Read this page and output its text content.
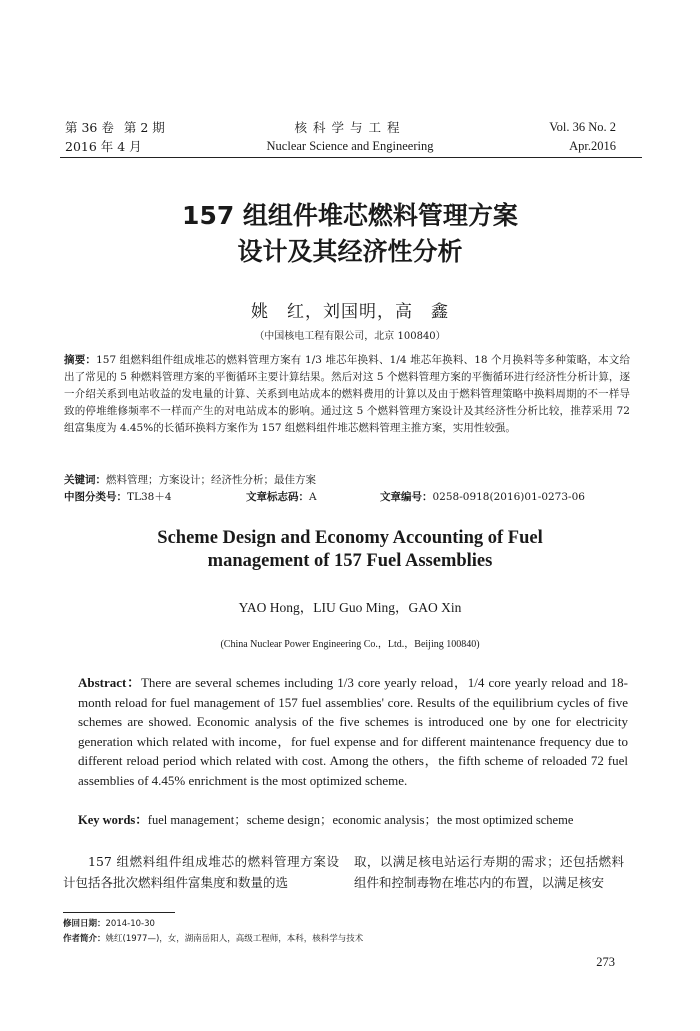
第 36 卷 第 2 期
2016 年 4 月
核科学与工程
Nuclear Science and Engineering
Vol. 36 No. 2
Apr.2016
157 组组件堆芯燃料管理方案
设计及其经济性分析
姚　红，刘国明，高　鑫
（中国核电工程有限公司，北京 100840）
摘要：157 组燃料组件组成堆芯的燃料管理方案有 1/3 堆芯年换料、1/4 堆芯年换料、18 个月换料等多种策略，本文给出了常见的 5 种燃料管理方案的平衡循环主要计算结果。然后对这 5 个燃料管理方案的平衡循环进行经济性分析计算，逐一介绍关系到电站收益的发电量的计算、关系到电站成本的燃料费用的计算以及由于燃料管理策略中换料周期的不一样导致的停堆维修频率不一样而产生的对电站成本的影响。通过这 5 个燃料管理方案设计及其经济性分析比较，推荐采用 72 组富集度为 4.45%的长循环换料方案作为 157 组燃料组件堆芯燃料管理主推方案，实用性较强。
关键词：燃料管理；方案设计；经济性分析；最佳方案
中图分类号：TL38＋4	文章标志码：A	文章编号：0258-0918(2016)01-0273-06
Scheme Design and Economy Accounting of Fuel
management of 157 Fuel Assemblies
YAO Hong，LIU Guo Ming，GAO Xin
(China Nuclear Power Engineering Co.，Ltd.，Beijing 100840)
Abstract：There are several schemes including 1/3 core yearly reload，1/4 core yearly reload and 18-month reload for fuel management of 157 fuel assemblies' core. Results of the equilibrium cycles of five schemes are showed. Economic analysis of the five schemes is introduced one by one for electricity generation which related with income，for fuel expense and for different maintenance frequency due to different reload period which related with cost. Among the others，the fifth scheme of reloaded 72 fuel assemblies of 4.45% enrichment is the most optimized scheme.
Key words：fuel management；scheme design；economic analysis；the most optimized scheme
157 组燃料组件组成堆芯的燃料管理方案设计包括各批次燃料组件富集度和数量的选
取，以满足核电站运行寿期的需求；还包括燃料组件和控制毒物在堆芯内的布置，以满足核安
修回日期：2014-10-30
作者简介：姚红(1977—)，女，湖南岳阳人，高级工程师，本科，核科学与技术
273
